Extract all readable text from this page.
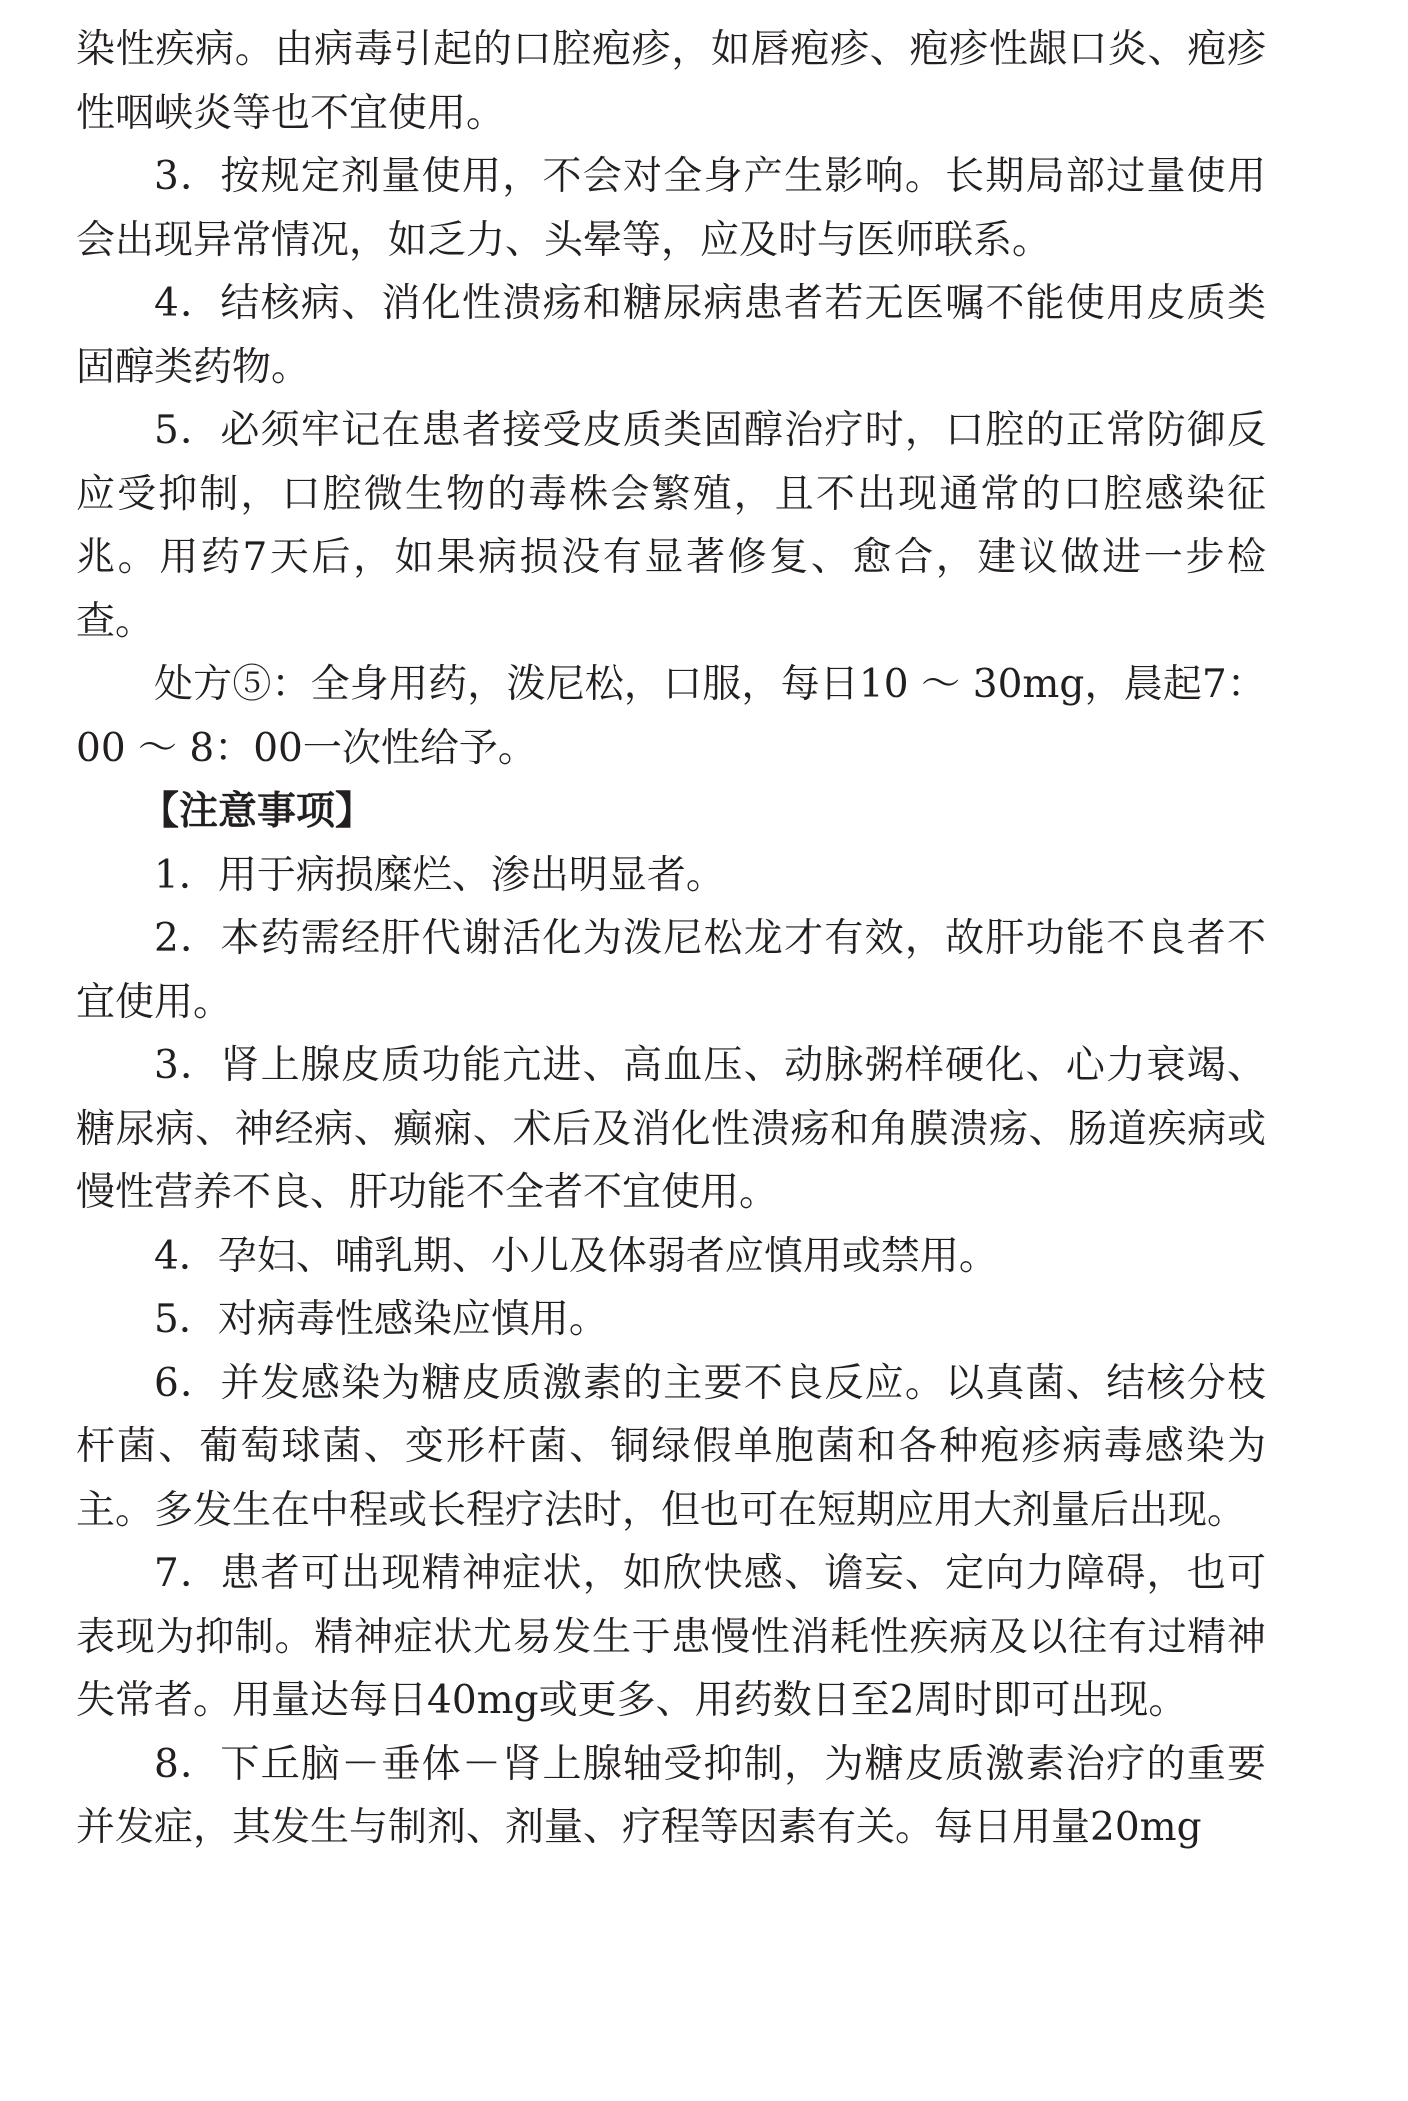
染性疾病。由病毒引起的口腔疱疹，如唇疱疹、疱疹性龈口炎、疱疹性咽峡炎等也不宜使用。

3．按规定剂量使用，不会对全身产生影响。长期局部过量使用会出现异常情况，如乏力、头晕等，应及时与医师联系。

4．结核病、消化性溃疡和糖尿病患者若无医嘱不能使用皮质类固醇类药物。

5．必须牢记在患者接受皮质类固醇治疗时，口腔的正常防御反应受抑制，口腔微生物的毒株会繁殖，且不出现通常的口腔感染征兆。用药7天后，如果病损没有显著修复、愈合，建议做进一步检查。

处方⑤：全身用药，泼尼松，口服，每日10 ～ 30mg，晨起7：00 ～ 8：00一次性给予。

【注意事项】

1．用于病损糜烂、渗出明显者。

2．本药需经肝代谢活化为泼尼松龙才有效，故肝功能不良者不宜使用。

3．肾上腺皮质功能亢进、高血压、动脉粥样硬化、心力衰竭、糖尿病、神经病、癫痫、术后及消化性溃疡和角膜溃疡、肠道疾病或慢性营养不良、肝功能不全者不宜使用。

4．孕妇、哺乳期、小儿及体弱者应慎用或禁用。

5．对病毒性感染应慎用。

6．并发感染为糖皮质激素的主要不良反应。以真菌、结核分枝杆菌、葡萄球菌、变形杆菌、铜绿假单胞菌和各种疱疹病毒感染为主。多发生在中程或长程疗法时，但也可在短期应用大剂量后出现。

7．患者可出现精神症状，如欣快感、谵妄、定向力障碍，也可表现为抑制。精神症状尤易发生于患慢性消耗性疾病及以往有过精神失常者。用量达每日40mg或更多、用药数日至2周时即可出现。

8．下丘脑－垂体－肾上腺轴受抑制，为糖皮质激素治疗的重要并发症，其发生与制剂、剂量、疗程等因素有关。每日用量20mg
